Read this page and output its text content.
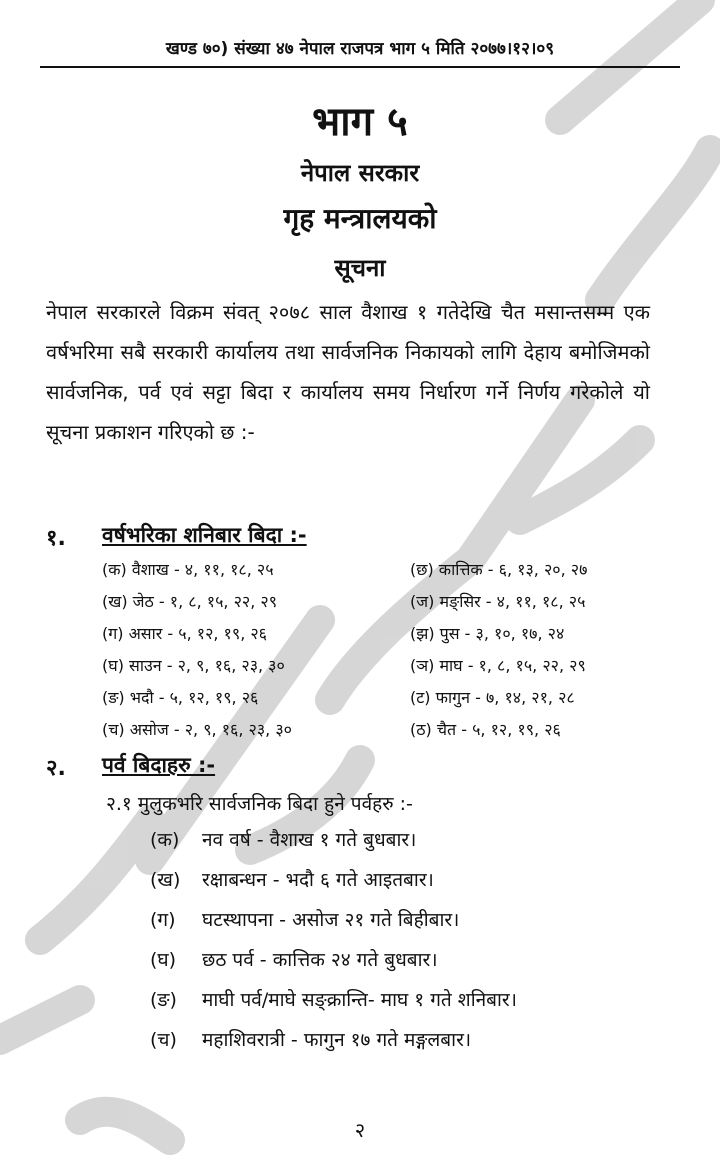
खण्ड ७०) संख्या ४७ नेपाल राजपत्र भाग ५ मिति २०७७।१२।०९
भाग ५
नेपाल सरकार
गृह मन्त्रालयको
सूचना
नेपाल सरकारले विक्रम संवत् २०७८ साल वैशाख १ गतेदेखि चैत मसान्तसम्म एक वर्षभरिमा सबै सरकारी कार्यालय तथा सार्वजनिक निकायको लागि देहाय बमोजिमको सार्वजनिक, पर्व एवं सट्टा बिदा र कार्यालय समय निर्धारण गर्ने निर्णय गरेकोले यो सूचना प्रकाशन गरिएको छ :-
१. वर्षभरिका शनिबार बिदा :-
(क) वैशाख - ४, ११, १८, २५	(छ) कात्तिक - ६, १३, २०, २७
(ख) जेठ - १, ८, १५, २२, २९	(ज) मङ्सिर - ४, ११, १८, २५
(ग) असार - ५, १२, १९, २६	(झ) पुस - ३, १०, १७, २४
(घ) साउन - २, ९, १६, २३, ३०	(ञ) माघ - १, ८, १५, २२, २९
(ङ) भदौ - ५, १२, १९, २६	(ट) फागुन - ७, १४, २१, २८
(च) असोज - २, ९, १६, २३, ३०	(ठ) चैत - ५, १२, १९, २६
२. पर्व बिदाहरु :-
२.१ मुलुकभरि सार्वजनिक बिदा हुने पर्वहरु :-
(क) नव वर्ष - वैशाख १ गते बुधबार।
(ख) रक्षाबन्धन - भदौ ६ गते आइतबार।
(ग) घटस्थापना - असोज २१ गते बिहीबार।
(घ) छठ पर्व - कात्तिक २४ गते बुधबार।
(ङ) माघी पर्व/माघे सङ्क्रान्ति- माघ १ गते शनिबार।
(च) महाशिवरात्री - फागुन १७ गते मङ्गलबार।
२
